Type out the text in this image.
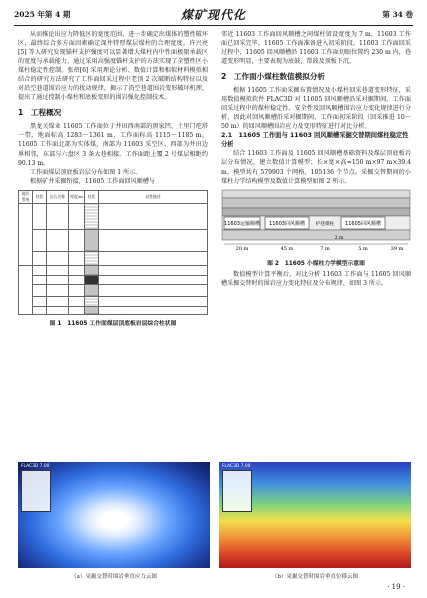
2025 年第 4 期	煤矿现代化	第 34 卷

从而推论出应力降低区的宽度范围，进一步确定出煤体的塑性破坏区，最终综合多方面因素确定深井特厚煤层煤柱的合理宽度。许兴亮[5] 等人研究发现锚杆支护强度可以显著增大煤柱内中性面极限承载区的宽度与承载能力，通过采用高强度锚杆支护的方法实现了全塑性区小煤柱稳定性控制。张蓓[6] 采用理论分析、数值计算和相似材料模拟相结合的研究方法研究了工作面回采过程中老顶 2 次破断结构特征以及对沿空巷道围岩应力的扰动规律，揭示了沿空巷道围岩变形破坏机理，提出了通过控制小煤柱和底板变形的围岩强化控制技术。

1　工程概况

黑龙关煤业 11605 工作面位于井田西南部的黑家凹、土里门疙塔一带，地面标高 1283～1361 m，工作面标高 1115～1185 m。11605 工作面北部为实体煤，南部为 11603 采空区，西部为井田边界相邻，东部与六盘区 3 条大巷相接。工作面距上覆 2 号煤层相距约 90.13 m。

工作面煤层顶底板岩层分布如图 1 所示。

根据矿井采掘衔接，11605 工作面回风顺槽与

地层系统	柱状	岩石名称	厚度/m	柱状	岩性描述

图 1　11605 工作面煤层顶底板岩层综合柱状图

邻近 11603 工作面回风顺槽之间煤柱留设宽度为 7 m，11603 工作面已回采完毕，11605 工作面准备进入初采阶段。11603 工作面回采过程中，11605 回风顺槽沿 11603 工作面切眼位置约 230 m 内，巷道变形明显，主要表现为底鼓、帮鼓及顶板下沉。

2　工作面小煤柱数值模拟分析

根据 11605 工作面采掘布置情况及小煤柱回采巷道变形特征，采用数值模拟软件 FLAC3D 对 11605 回风顺槽沿采对掘期间、工作面回采过程中的煤柱稳定性、安全性及回风顺槽围岩应力变化规律进行分析，因此对回风顺槽沿采对掘期间、工作面初采阶段（回采推进 10～50 m）的回风顺槽围岩应力及变形特征进行对比分析。

2.1　11605 工作面与 11603 回风顺槽采掘交替期间煤柱稳定性分析

结合 11603 工作面及 11605 回风顺槽基础资料及煤层顶底板岩层分布情况，建立数值计算模型；长×宽×高=150 m×97 m×39.4 m，模型共有 579903 个网格、105136 个节点。采掘交替期间的小煤柱力学结构模型及数值计算模型如图 2 所示。

11603运输顺槽 11603回风顺槽 护巷煤柱 11605回风顺槽
20 m	45 m	7 m
2 m
5 m	39 m
图 2　11605 小煤柱力学模型示意图

数值模型计算平衡后，对比分析 11603 工作面与 11605 回风顺槽采掘交替时的围岩应力变化特征及分布规律，如图 3 所示。

FLAC3D 7.00	FLAC3D 7.00
（a）采掘交替时围岩垂直应力云图	（b）采掘交替时围岩垂直位移云图
· 19 ·
